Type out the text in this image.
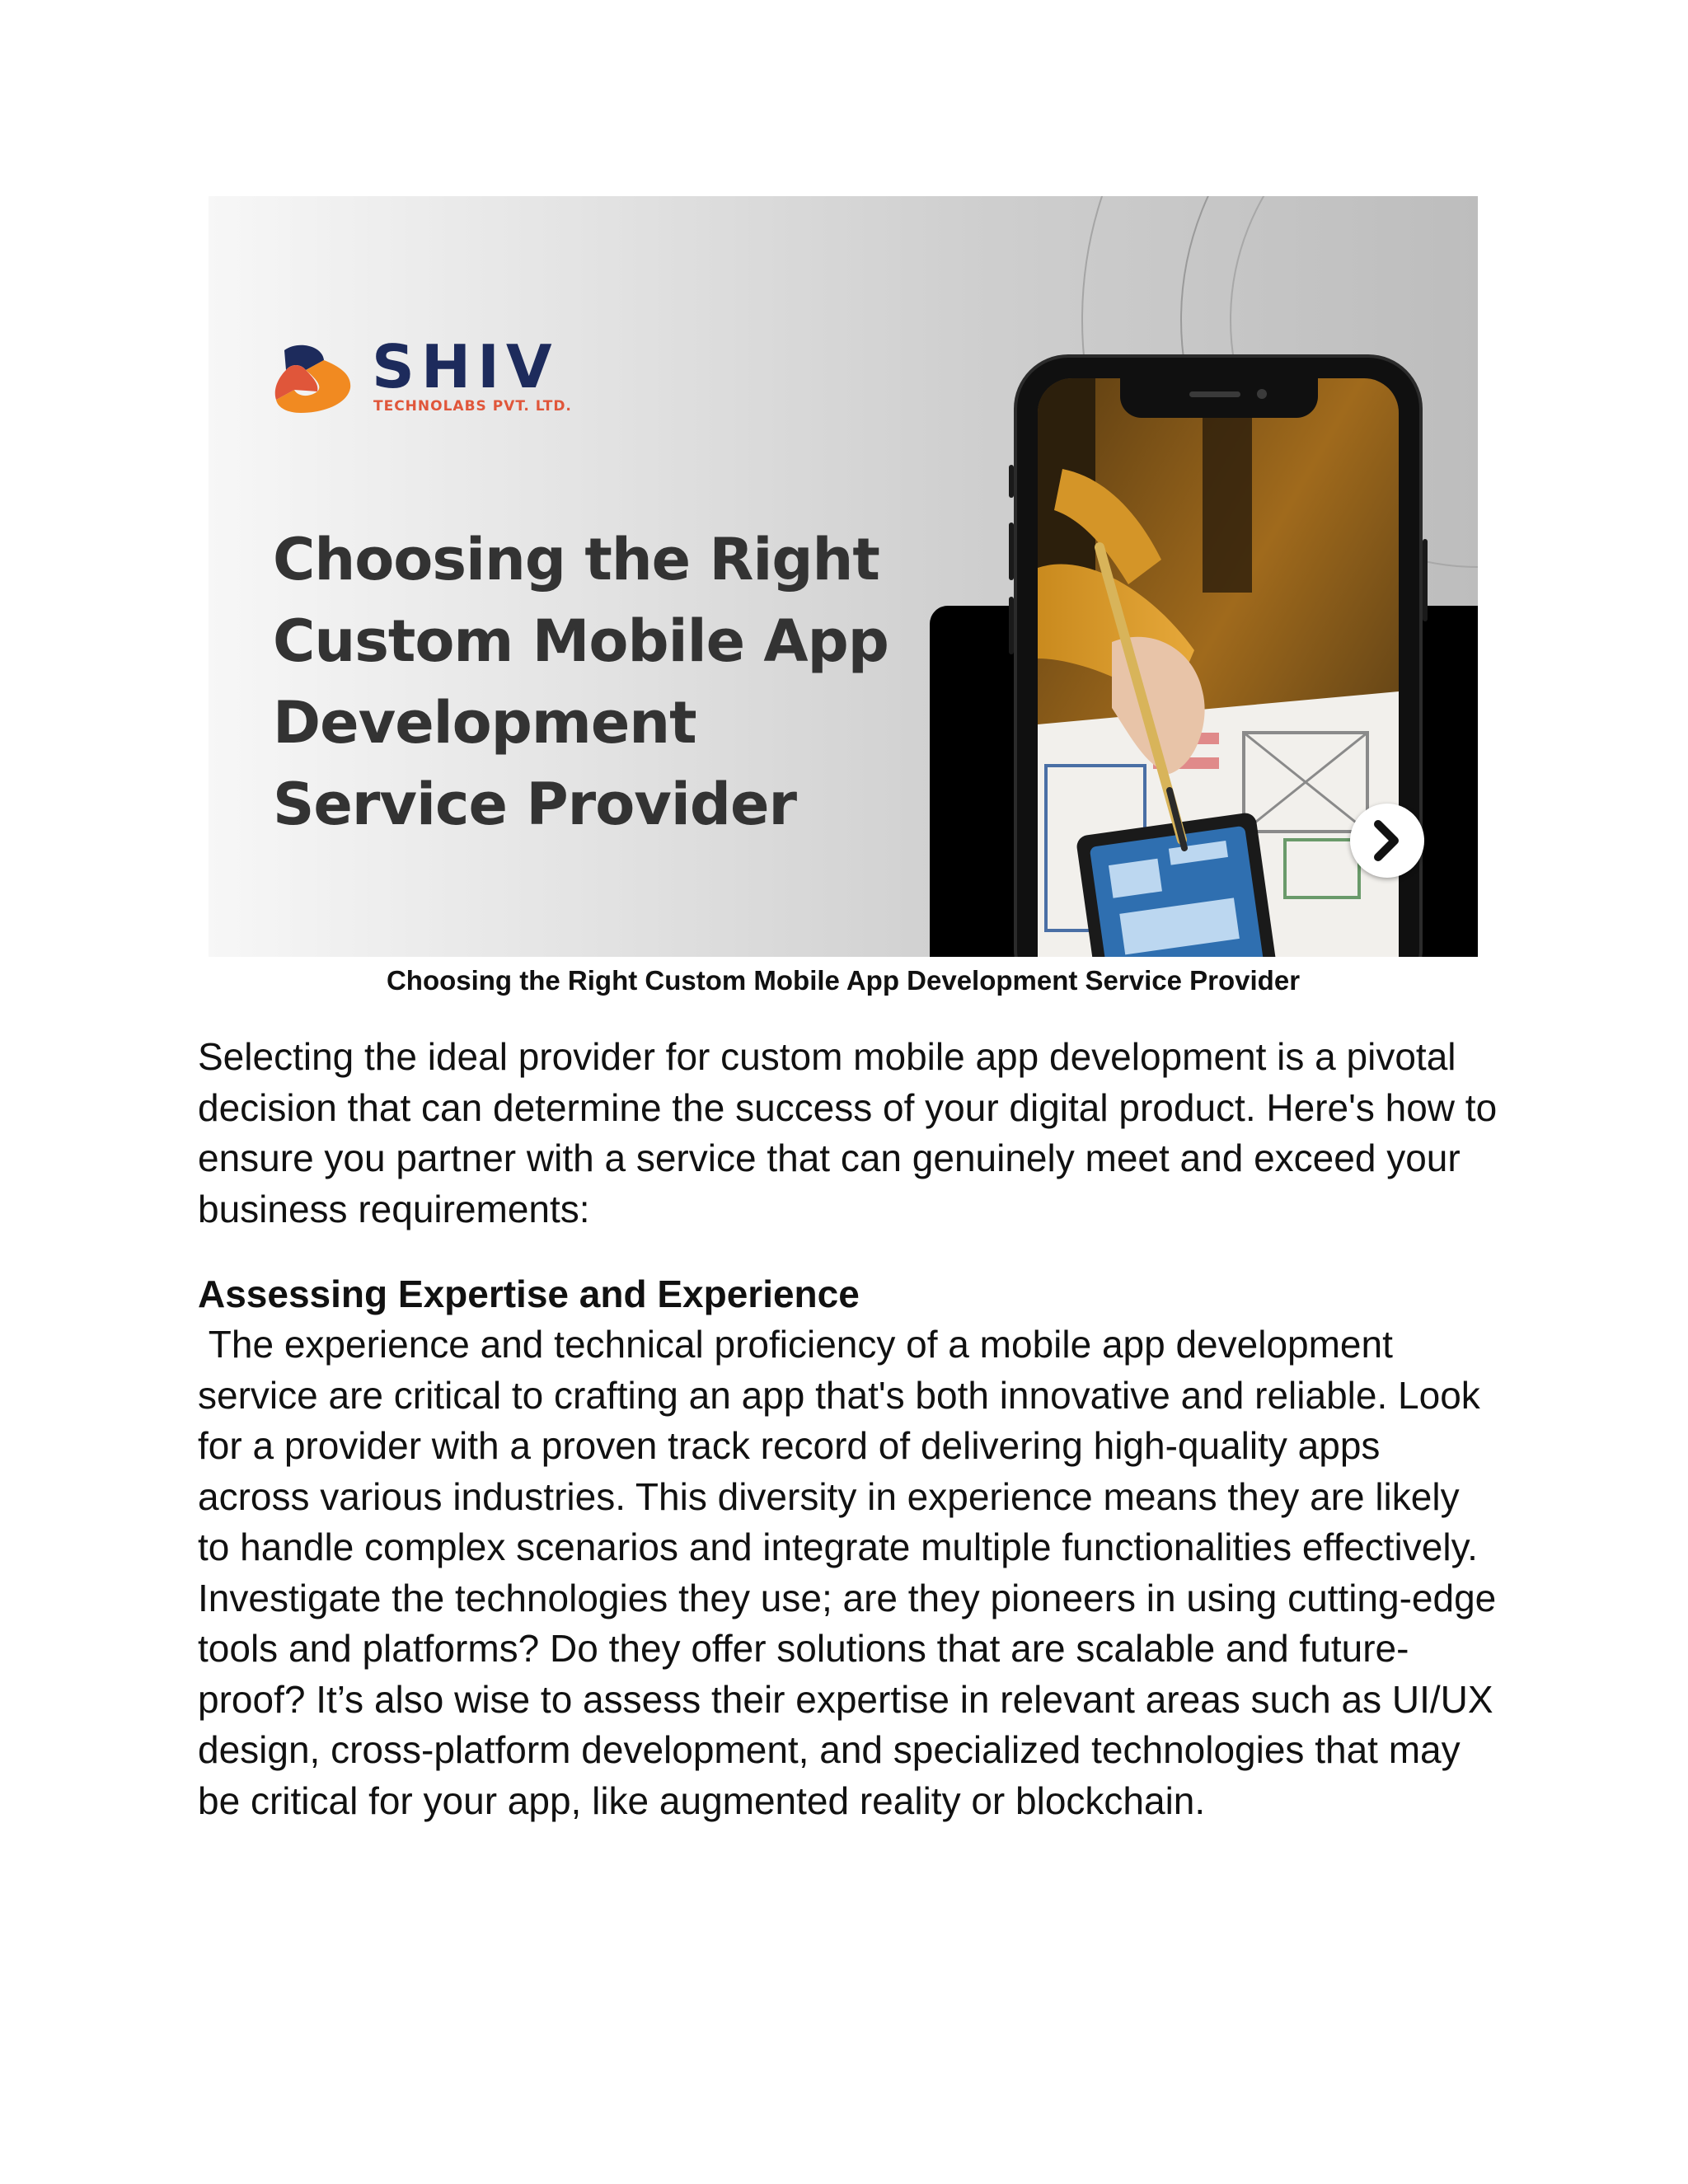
SHIV
TECHNOLABS PVT. LTD.
Choosing the Right Custom Mobile App Development Service Provider

Choosing the Right Custom Mobile App Development Service Provider

Selecting the ideal provider for custom mobile app development is a pivotal decision that can determine the success of your digital product. Here's how to ensure you partner with a service that can genuinely meet and exceed your business requirements:

Assessing Expertise and Experience

The experience and technical proficiency of a mobile app development service are critical to crafting an app that's both innovative and reliable. Look for a provider with a proven track record of delivering high-quality apps across various industries. This diversity in experience means they are likely to handle complex scenarios and integrate multiple functionalities effectively. Investigate the technologies they use; are they pioneers in using cutting-edge tools and platforms? Do they offer solutions that are scalable and future-proof? It’s also wise to assess their expertise in relevant areas such as UI/UX design, cross-platform development, and specialized technologies that may be critical for your app, like augmented reality or blockchain.
